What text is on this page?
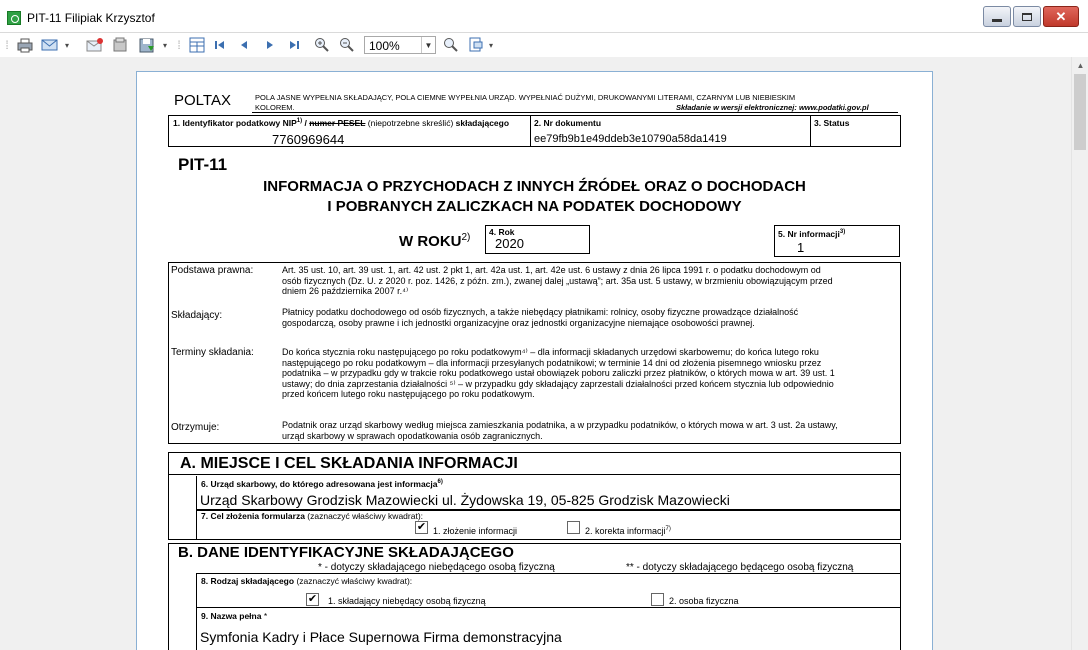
PIT-11 Filipiak Krzysztof	✕
⁞	▾	▾ ⁞	▾
100%	▼
▲
POLTAX	POLA JASNE WYPEŁNIA SKŁADAJĄCY, POLA CIEMNE WYPEŁNIA URZĄD. WYPEŁNIAĆ DUŻYMI, DRUKOWANYMI LITERAMI, CZARNYM LUB NIEBIESKIM
KOLOREM.	Składanie w wersji elektronicznej: www.podatki.gov.pl
1. Identyfikator podatkowy NIP$^{1)}$ / numer PESEL (niepotrzebne skreślić) składającego
7760969644
2. Nr dokumentu
ee79fb9b1e49ddeb3e10790a58da1419
3. Status
PIT-11
INFORMACJA O PRZYCHODACH Z INNYCH ŹRÓDEŁ ORAZ O DOCHODACH
I POBRANYCH ZALICZKACH NA PODATEK DOCHODOWY
W ROKU$^{2)}$ 4. Rok
2020
5. Nr informacji$^{3)}$
1
Podstawa prawna:	Art. 35 ust. 10, art. 39 ust. 1, art. 42 ust. 2 pkt 1, art. 42a ust. 1, art. 42e ust. 6 ustawy z dnia 26 lipca 1991 r. o podatku dochodowym od osób fizycznych (Dz. U. z 2020 r. poz. 1426, z późn. zm.), zwanej dalej „ustawą”; art. 35a ust. 5 ustawy, w brzmieniu obowiązującym przed dniem 26 października 2007 r.⁴⁾
Składający:	Płatnicy podatku dochodowego od osób fizycznych, a także niebędący płatnikami: rolnicy, osoby fizyczne prowadzące działalność gospodarczą, osoby prawne i ich jednostki organizacyjne oraz jednostki organizacyjne niemające osobowości prawnej.
Terminy składania:	Do końca stycznia roku następującego po roku podatkowym⁴⁾ – dla informacji składanych urzędowi skarbowemu; do końca lutego roku następującego po roku podatkowym – dla informacji przesyłanych podatnikowi; w terminie 14 dni od złożenia pisemnego wniosku przez podatnika – w przypadku gdy w trakcie roku podatkowego ustał obowiązek poboru zaliczki przez płatników, o których mowa w art. 39 ust. 1 ustawy; do dnia zaprzestania działalności ⁵⁾ – w przypadku gdy składający zaprzestali działalności przed końcem stycznia lub odpowiednio przed końcem lutego roku następującego po roku podatkowym.
Otrzymuje:	Podatnik oraz urząd skarbowy według miejsca zamieszkania podatnika, a w przypadku podatników, o których mowa w art. 3 ust. 2a ustawy, urząd skarbowy w sprawach opodatkowania osób zagranicznych.
A. MIEJSCE I CEL SKŁADANIA INFORMACJI
6. Urząd skarbowy, do którego adresowana jest informacja$^{6)}$
Urząd Skarbowy Grodzisk Mazowiecki ul. Żydowska 19, 05-825 Grodzisk Mazowiecki
7. Cel złożenia formularza (zaznaczyć właściwy kwadrat):
✔ 1. złożenie informacji	2. korekta informacji$^{7)}$
B. DANE IDENTYFIKACYJNE SKŁADAJĄCEGO
* - dotyczy składającego niebędącego osobą fizyczną	** - dotyczy składającego będącego osobą fizyczną
8. Rodzaj składającego (zaznaczyć właściwy kwadrat):
✔ 1. składający niebędący osobą fizyczną	2. osoba fizyczna
9. Nazwa pełna *
Symfonia Kadry i Płace Supernowa Firma demonstracyjna
